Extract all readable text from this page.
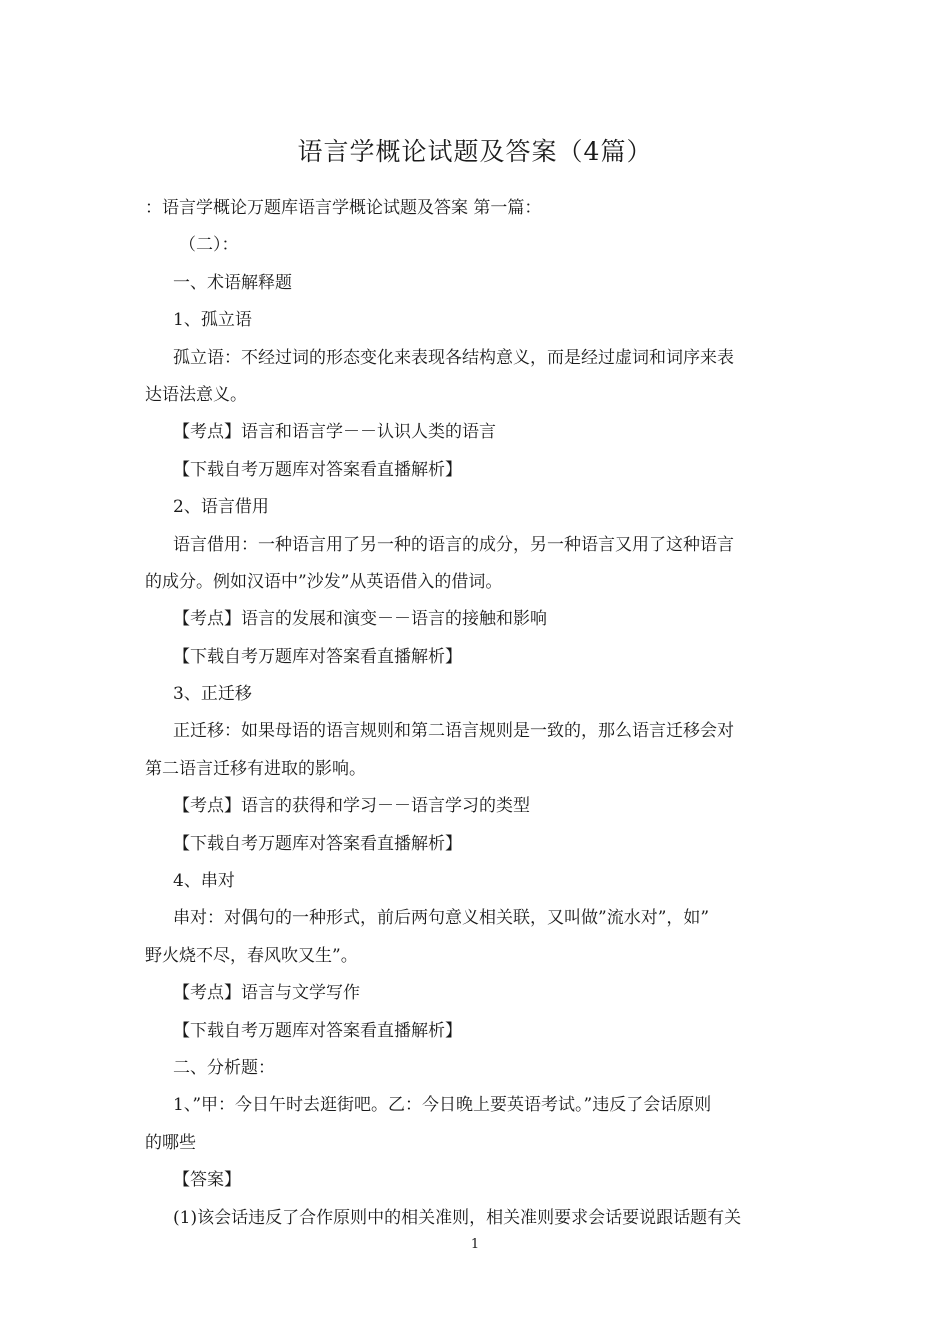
语言学概论试题及答案（4篇）
：语言学概论万题库语言学概论试题及答案 第一篇：
（二）：
一、术语解释题
1、孤立语
孤立语：不经过词的形态变化来表现各结构意义，而是经过虚词和词序来表
达语法意义。
【考点】语言和语言学－－认识人类的语言
【下载自考万题库对答案看直播解析】
2、语言借用
语言借用：一种语言用了另一种的语言的成分，另一种语言又用了这种语言
的成分。例如汉语中”沙发”从英语借入的借词。
【考点】语言的发展和演变－－语言的接触和影响
【下载自考万题库对答案看直播解析】
3、正迁移
正迁移：如果母语的语言规则和第二语言规则是一致的，那么语言迁移会对
第二语言迁移有进取的影响。
【考点】语言的获得和学习－－语言学习的类型
【下载自考万题库对答案看直播解析】
4、串对
串对：对偶句的一种形式，前后两句意义相关联，又叫做”流水对”，如”
野火烧不尽，春风吹又生”。
【考点】语言与文学写作
【下载自考万题库对答案看直播解析】
二、分析题：
1、”甲：今日午时去逛街吧。乙：今日晚上要英语考试。”违反了会话原则
的哪些
【答案】
(1)该会话违反了合作原则中的相关准则，相关准则要求会话要说跟话题有关
1
